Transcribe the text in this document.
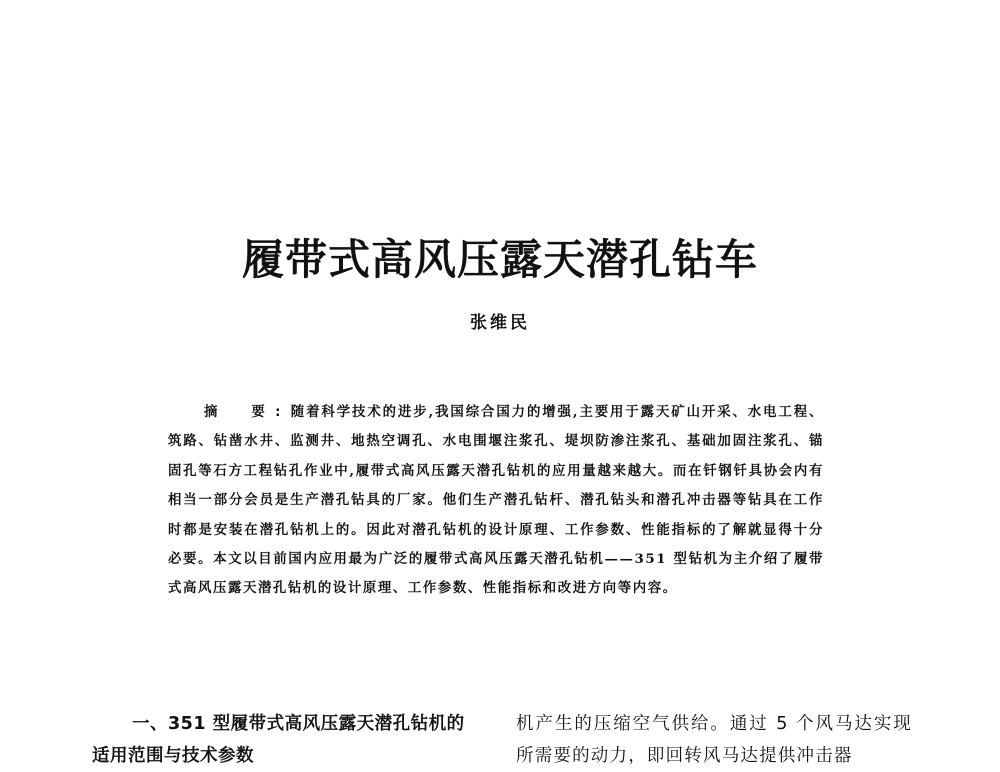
履带式高风压露天潜孔钻车
张维民

摘　要:随着科学技术的进步,我国综合国力的增强,主要用于露天矿山开采、水电工程、筑路、钻凿水井、监测井、地热空调孔、水电围堰注浆孔、堤坝防渗注浆孔、基础加固注浆孔、锚固孔等石方工程钻孔作业中,履带式高风压露天潜孔钻机的应用量越来越大。而在钎钢钎具协会内有相当一部分会员是生产潜孔钻具的厂家。他们生产潜孔钻杆、潜孔钻头和潜孔冲击器等钻具在工作时都是安装在潜孔钻机上的。因此对潜孔钻机的设计原理、工作参数、性能指标的了解就显得十分必要。本文以目前国内应用最为广泛的履带式高风压露天潜孔钻机——351 型钻机为主介绍了履带式高风压露天潜孔钻机的设计原理、工作参数、性能指标和改进方向等内容。

一、351 型履带式高风压露天潜孔钻机的适用范围与技术参数
机产生的压缩空气供给。通过 5 个风马达实现所需要的动力，即回转风马达提供冲击器
